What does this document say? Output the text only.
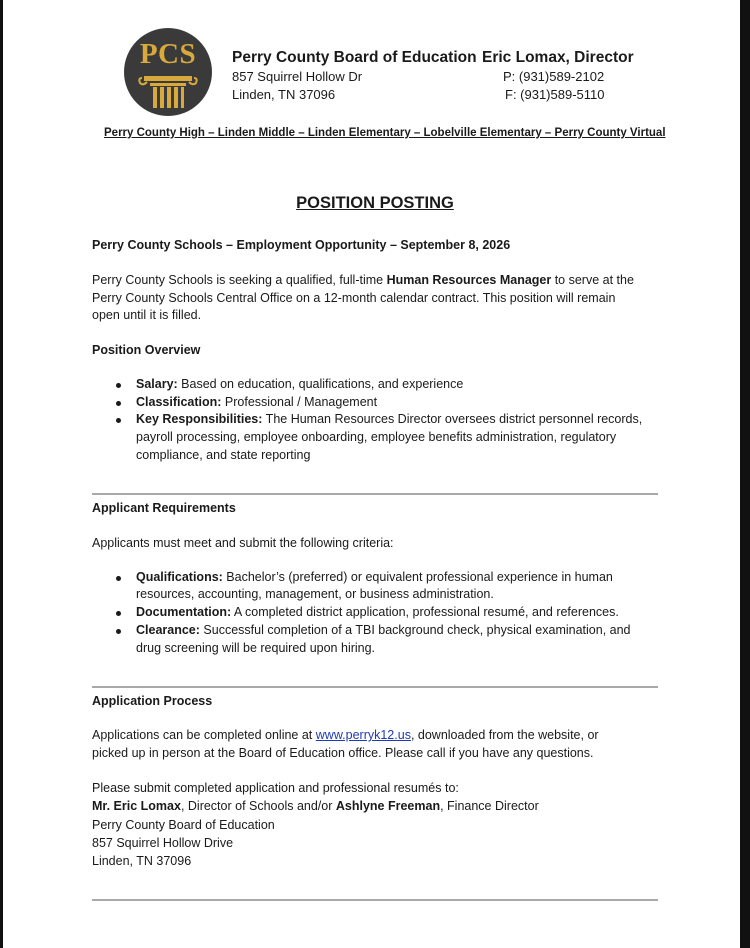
PCS	Perry County Board of Education
857 Squirrel Hollow Dr
Linden, TN 37096
Eric Lomax, Director
P: (931)589-2102
F: (931)589-5110
Perry County High – Linden Middle – Linden Elementary – Lobelville Elementary – Perry County Virtual
POSITION POSTING
Perry County Schools – Employment Opportunity – September 8, 2026
Perry County Schools is seeking a qualified, full-time Human Resources Manager to serve at the
Perry County Schools Central Office on a 12-month calendar contract. This position will remain
open until it is filled.
Position Overview
Salary: Based on education, qualifications, and experience
Classification: Professional / Management
Key Responsibilities: The Human Resources Director oversees district personnel records,
payroll processing, employee onboarding, employee benefits administration, regulatory
compliance, and state reporting
Applicant Requirements
Applicants must meet and submit the following criteria:
Qualifications: Bachelor’s (preferred) or equivalent professional experience in human
resources, accounting, management, or business administration.
Documentation: A completed district application, professional resumé, and references.
Clearance: Successful completion of a TBI background check, physical examination, and
drug screening will be required upon hiring.
Application Process
Applications can be completed online at www.perryk12.us, downloaded from the website, or
picked up in person at the Board of Education office. Please call if you have any questions.
Please submit completed application and professional resumés to:
Mr. Eric Lomax, Director of Schools and/or Ashlyne Freeman, Finance Director
Perry County Board of Education
857 Squirrel Hollow Drive
Linden, TN 37096
